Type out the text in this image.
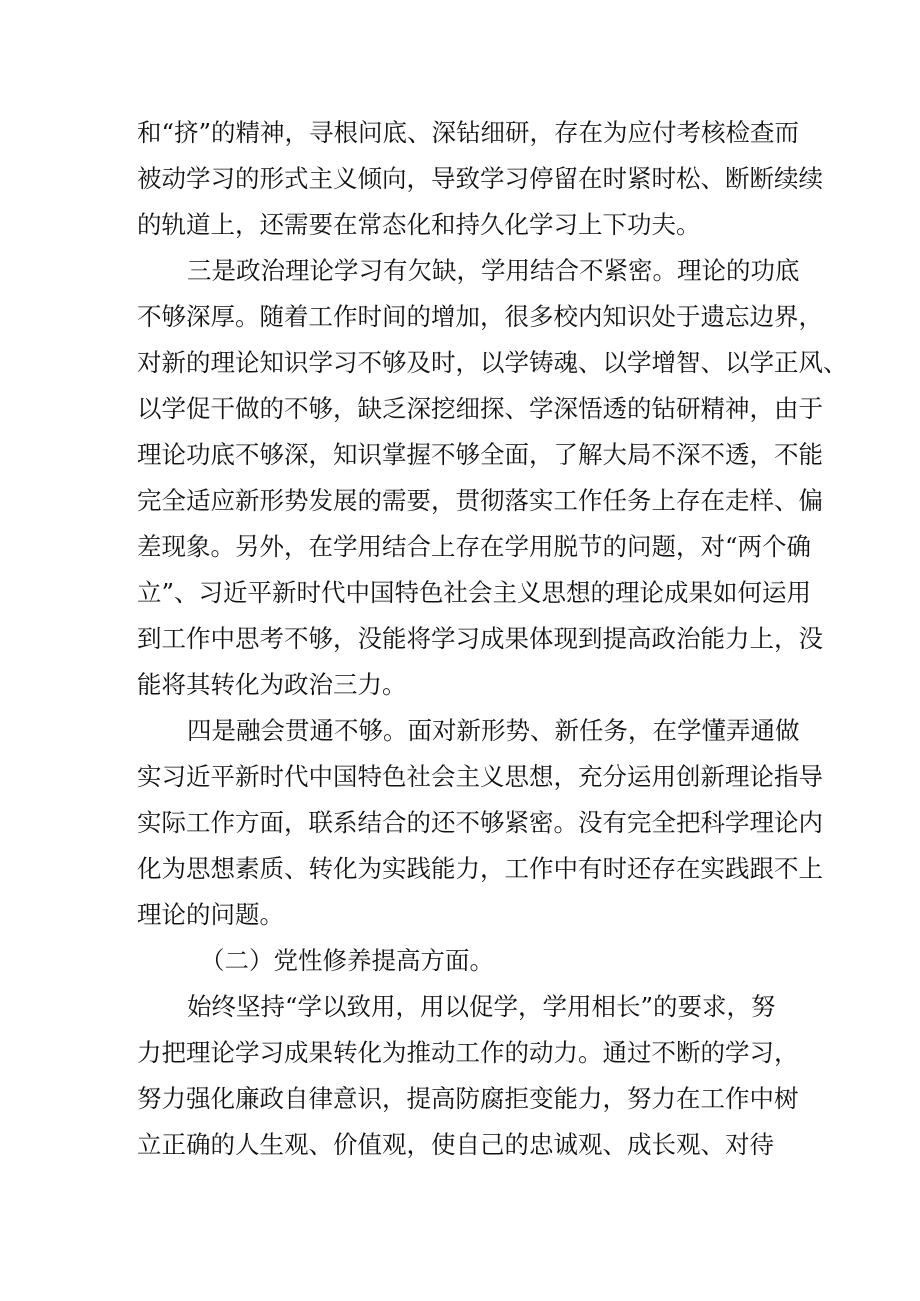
和“挤”的精神，寻根问底、深钻细研，存在为应付考核检查而
被动学习的形式主义倾向，导致学习停留在时紧时松、断断续续
的轨道上，还需要在常态化和持久化学习上下功夫。
三是政治理论学习有欠缺，学用结合不紧密。理论的功底
不够深厚。随着工作时间的增加，很多校内知识处于遗忘边界，
对新的理论知识学习不够及时，以学铸魂、以学增智、以学正风、
以学促干做的不够，缺乏深挖细探、学深悟透的钻研精神，由于
理论功底不够深，知识掌握不够全面，了解大局不深不透，不能
完全适应新形势发展的需要，贯彻落实工作任务上存在走样、偏
差现象。另外，在学用结合上存在学用脱节的问题，对“两个确
立”、习近平新时代中国特色社会主义思想的理论成果如何运用
到工作中思考不够，没能将学习成果体现到提高政治能力上，没
能将其转化为政治三力。
四是融会贯通不够。面对新形势、新任务，在学懂弄通做
实习近平新时代中国特色社会主义思想，充分运用创新理论指导
实际工作方面，联系结合的还不够紧密。没有完全把科学理论内
化为思想素质、转化为实践能力，工作中有时还存在实践跟不上
理论的问题。
（二）党性修养提高方面。
始终坚持“学以致用，用以促学，学用相长”的要求，努
力把理论学习成果转化为推动工作的动力。通过不断的学习，
努力强化廉政自律意识，提高防腐拒变能力，努力在工作中树
立正确的人生观、价值观，使自己的忠诚观、成长观、对待
